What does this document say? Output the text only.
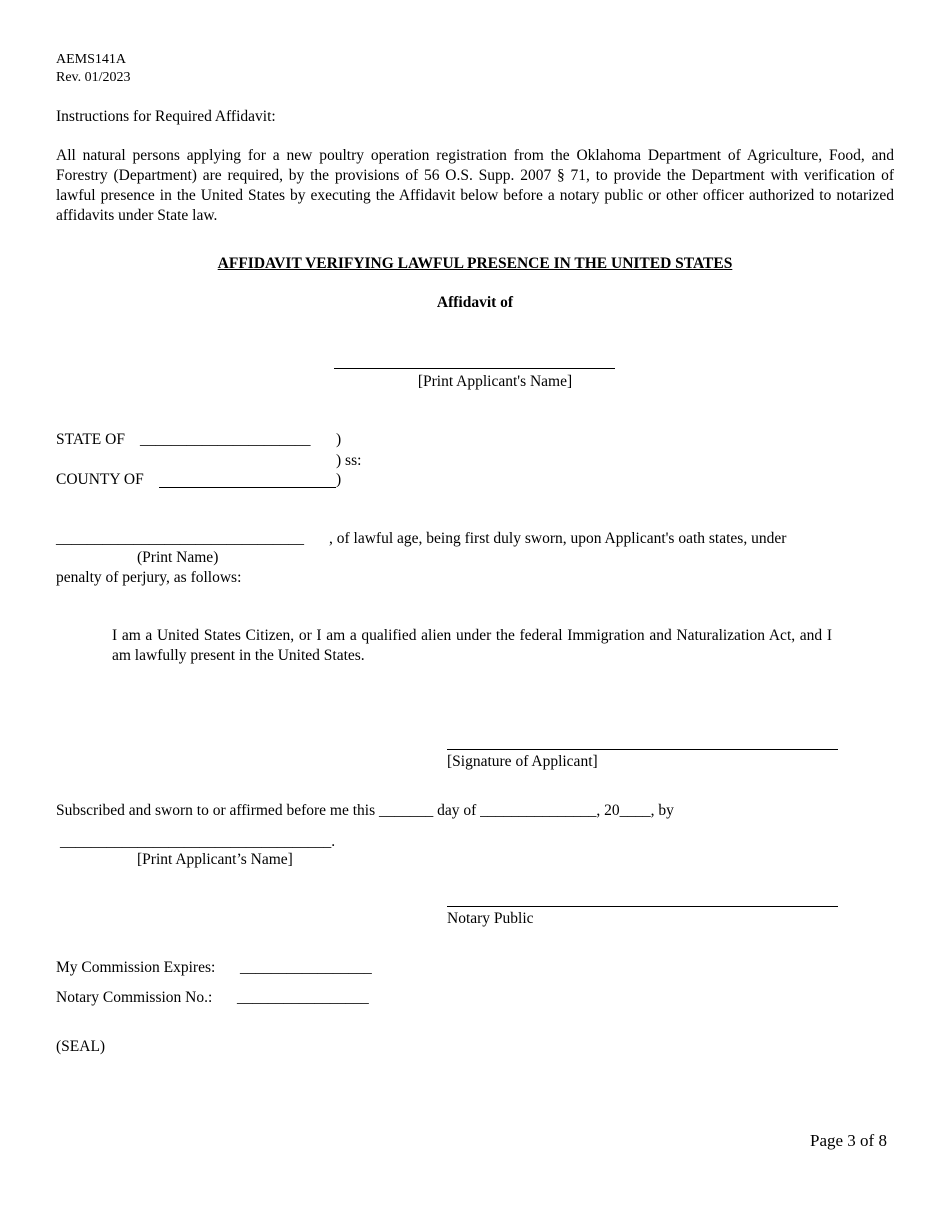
AEMS141A
Rev. 01/2023
Instructions for Required Affidavit:
All natural persons applying for a new poultry operation registration from the Oklahoma Department of Agriculture, Food, and Forestry (Department) are required, by the provisions of 56 O.S. Supp. 2007 § 71, to provide the Department with verification of lawful presence in the United States by executing the Affidavit below before a notary public or other officer authorized to notarized affidavits under State law.
AFFIDAVIT VERIFYING LAWFUL PRESENCE IN THE UNITED STATES
Affidavit of
[Print Applicant's Name]
STATE OF ______________________ )
) ss:
COUNTY OF	)
________________________________ , of lawful age, being first duly sworn, upon Applicant's oath states, under
(Print Name)
penalty of perjury, as follows:
I am a United States Citizen, or I am a qualified alien under the federal Immigration and Naturalization Act, and I am lawfully present in the United States.
[Signature of Applicant]
Subscribed and sworn to or affirmed before me this _______ day of _______________, 20____, by
___________________________________.
[Print Applicant’s Name]
Notary Public
My Commission Expires: _________________
Notary Commission No.: _________________
(SEAL)
Page 3 of 8
